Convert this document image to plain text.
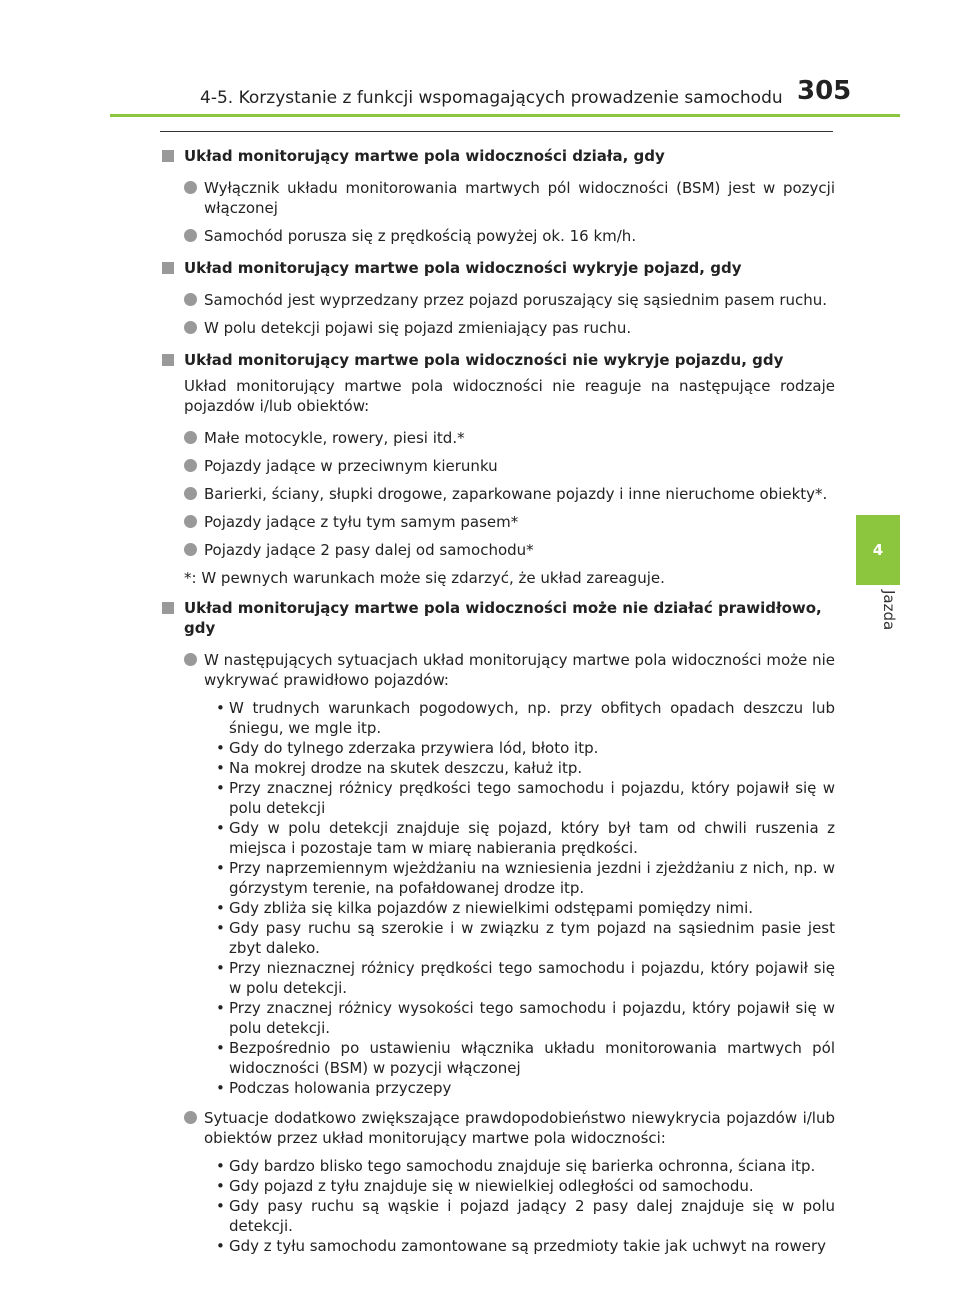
4-5. Korzystanie z funkcji wspomagających prowadzenie samochodu 305
4
Jazda
Układ monitorujący martwe pola widoczności działa, gdy
Wyłącznik układu monitorowania martwych pól widoczności (BSM) jest w pozycji włączonej
Samochód porusza się z prędkością powyżej ok. 16 km/h.
Układ monitorujący martwe pola widoczności wykryje pojazd, gdy
Samochód jest wyprzedzany przez pojazd poruszający się sąsiednim pasem ruchu.
W polu detekcji pojawi się pojazd zmieniający pas ruchu.
Układ monitorujący martwe pola widoczności nie wykryje pojazdu, gdy
Układ monitorujący martwe pola widoczności nie reaguje na następujące rodzaje pojazdów i/lub obiektów:
Małe motocykle, rowery, piesi itd.*
Pojazdy jadące w przeciwnym kierunku
Barierki, ściany, słupki drogowe, zaparkowane pojazdy i inne nieruchome obiekty*.
Pojazdy jadące z tyłu tym samym pasem*
Pojazdy jadące 2 pasy dalej od samochodu*
*: W pewnych warunkach może się zdarzyć, że układ zareaguje.
Układ monitorujący martwe pola widoczności może nie działać prawidłowo, gdy
W następujących sytuacjach układ monitorujący martwe pola widoczności może nie wykrywać prawidłowo pojazdów:
• W trudnych warunkach pogodowych, np. przy obfitych opadach deszczu lub śniegu, we mgle itp.
• Gdy do tylnego zderzaka przywiera lód, błoto itp.
• Na mokrej drodze na skutek deszczu, kałuż itp.
• Przy znacznej różnicy prędkości tego samochodu i pojazdu, który pojawił się w polu detekcji
• Gdy w polu detekcji znajduje się pojazd, który był tam od chwili ruszenia z miejsca i pozostaje tam w miarę nabierania prędkości.
• Przy naprzemiennym wjeżdżaniu na wzniesienia jezdni i zjeżdżaniu z nich, np. w górzystym terenie, na pofałdowanej drodze itp.
• Gdy zbliża się kilka pojazdów z niewielkimi odstępami pomiędzy nimi.
• Gdy pasy ruchu są szerokie i w związku z tym pojazd na sąsiednim pasie jest zbyt daleko.
• Przy nieznacznej różnicy prędkości tego samochodu i pojazdu, który pojawił się w polu detekcji.
• Przy znacznej różnicy wysokości tego samochodu i pojazdu, który pojawił się w polu detekcji.
• Bezpośrednio po ustawieniu włącznika układu monitorowania martwych pól widoczności (BSM) w pozycji włączonej
• Podczas holowania przyczepy
Sytuacje dodatkowo zwiększające prawdopodobieństwo niewykrycia pojazdów i/lub obiektów przez układ monitorujący martwe pola widoczności:
• Gdy bardzo blisko tego samochodu znajduje się barierka ochronna, ściana itp.
• Gdy pojazd z tyłu znajduje się w niewielkiej odległości od samochodu.
• Gdy pasy ruchu są wąskie i pojazd jadący 2 pasy dalej znajduje się w polu detekcji.
• Gdy z tyłu samochodu zamontowane są przedmioty takie jak uchwyt na rowery
